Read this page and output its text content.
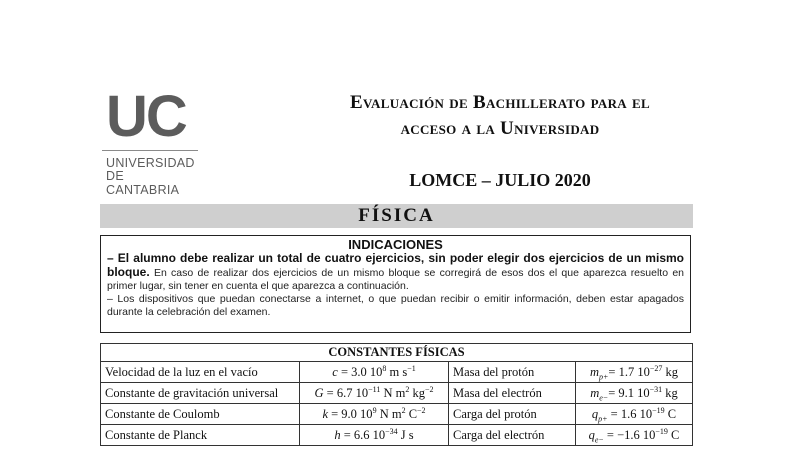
UC
UNIVERSIDAD
DE CANTABRIA
Evaluación de Bachillerato para el
acceso a la Universidad
LOMCE – JULIO 2020
FÍSICA
INDICACIONES

– El alumno debe realizar un total de cuatro ejercicios, sin poder elegir dos ejercicios de un mismo bloque. En caso de realizar dos ejercicios de un mismo bloque se corregirá de esos dos el que aparezca resuelto en primer lugar, sin tener en cuenta el que aparezca a continuación.

– Los dispositivos que puedan conectarse a internet, o que puedan recibir o emitir información, deben estar apagados durante la celebración del examen.

CONSTANTES FÍSICAS			
Velocidad de la luz en el vacío	c = 3.0 $10^8$ m $s^{-1}$	Masa del protón	$m_{p+}= 1.7$ $10^{-27}$ kg
Constante de gravitación universal	G = 6.7 $10^{-11}$ N $m^2$ $kg^{-2}$	Masa del electrón	$m_{e-}= 9.1$ $10^{-31}$ kg
Constante de Coulomb	k = 9.0 $10^9$ N $m^2$ $C^{-2}$	Carga del protón	$q_{p+} = 1.6$ $10^{-19}$ C
Constante de Planck	h = 6.6 $10^{-34}$ J s	Carga del electrón	$q_{e-} = -1.6$ $10^{-19}$ C
